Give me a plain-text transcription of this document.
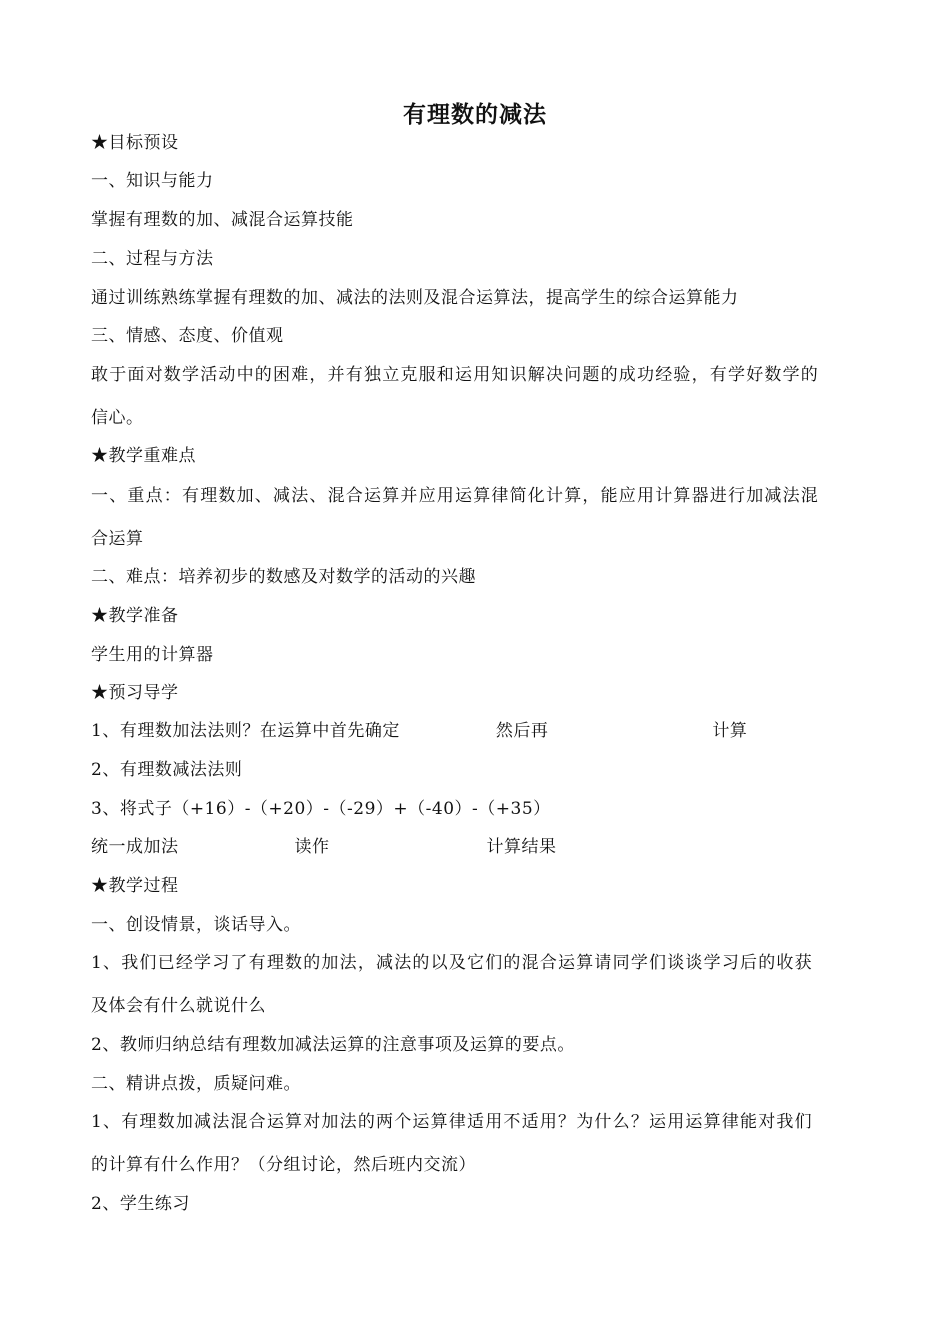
有理数的减法
★目标预设
一、知识与能力
掌握有理数的加、减混合运算技能
二、过程与方法
通过训练熟练掌握有理数的加、减法的法则及混合运算法，提高学生的综合运算能力
三、情感、态度、价值观
敢于面对数学活动中的困难，并有独立克服和运用知识解决问题的成功经验，有学好数学的
信心。
★教学重难点
一、重点：有理数加、减法、混合运算并应用运算律简化计算，能应用计算器进行加减法混
合运算
二、难点：培养初步的数感及对数学的活动的兴趣
★教学准备
学生用的计算器
★预习导学
1、有理数加法法则？在运算中首先确定	然后再	计算
2、有理数减法法则
3、将式子（+16）-（+20）-（-29）+（-40）-（+35）
统一成加法	读作	计算结果
★教学过程
一、创设情景，谈话导入。
1、我们已经学习了有理数的加法，减法的以及它们的混合运算请同学们谈谈学习后的收获
及体会有什么就说什么
2、教师归纳总结有理数加减法运算的注意事项及运算的要点。
二、精讲点拨，质疑问难。
1、有理数加减法混合运算对加法的两个运算律适用不适用？为什么？运用运算律能对我们
的计算有什么作用？（分组讨论，然后班内交流）
2、学生练习
